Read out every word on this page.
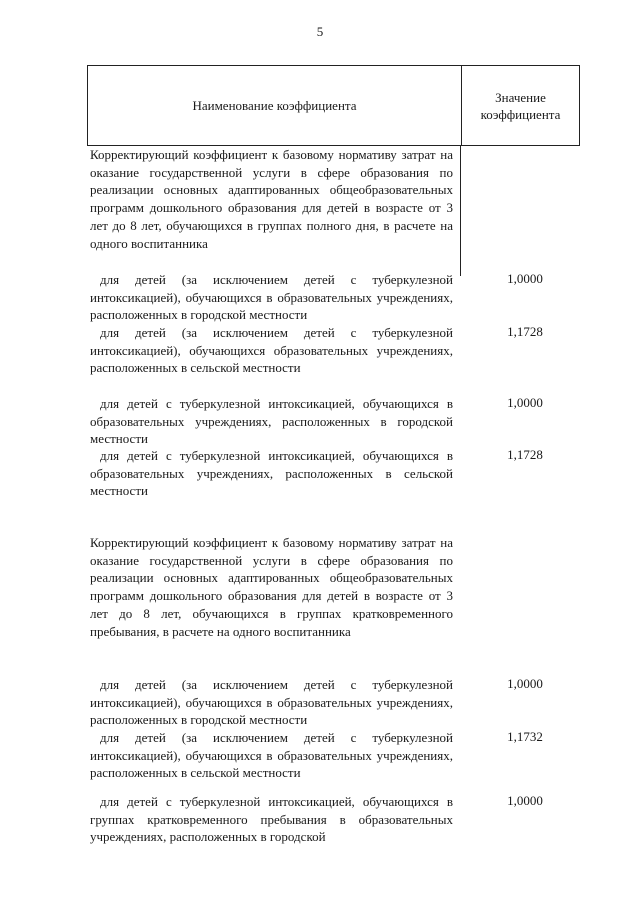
5
Наименование коэффициента
Значение коэффициента
Корректирующий коэффициент к базовому нормативу затрат на оказание государственной услуги в сфере образования по реализации основных адаптированных общеобразовательных программ дошкольного образования для детей в возрасте от 3 лет до 8 лет, обучающихся в группах полного дня, в расчете на одного воспитанника
для детей (за исключением детей с туберкулезной интоксикацией), обучающихся в образовательных учреждениях, расположенных в городской местности
1,0000
для детей (за исключением детей с туберкулезной интоксикацией), обучающихся образовательных учреждениях, расположенных в сельской местности
1,1728
для детей с туберкулезной интоксикацией, обучающихся в образовательных учреждениях, расположенных в городской местности
1,0000
для детей с туберкулезной интоксикацией, обучающихся в образовательных учреждениях, расположенных в сельской местности
1,1728
Корректирующий коэффициент к базовому нормативу затрат на оказание государственной услуги в сфере образования по реализации основных адаптированных общеобразовательных программ дошкольного образования для детей в возрасте от 3 лет до 8 лет, обучающихся в группах кратковременного пребывания, в расчете на одного воспитанника
для детей (за исключением детей с туберкулезной интоксикацией), обучающихся в образовательных учреждениях, расположенных в городской местности
1,0000
для детей (за исключением детей с туберкулезной интоксикацией), обучающихся в образовательных учреждениях, расположенных в сельской местности
1,1732
для детей с туберкулезной интоксикацией, обучающихся в группах кратковременного пребывания в образовательных учреждениях, расположенных в городской
1,0000
